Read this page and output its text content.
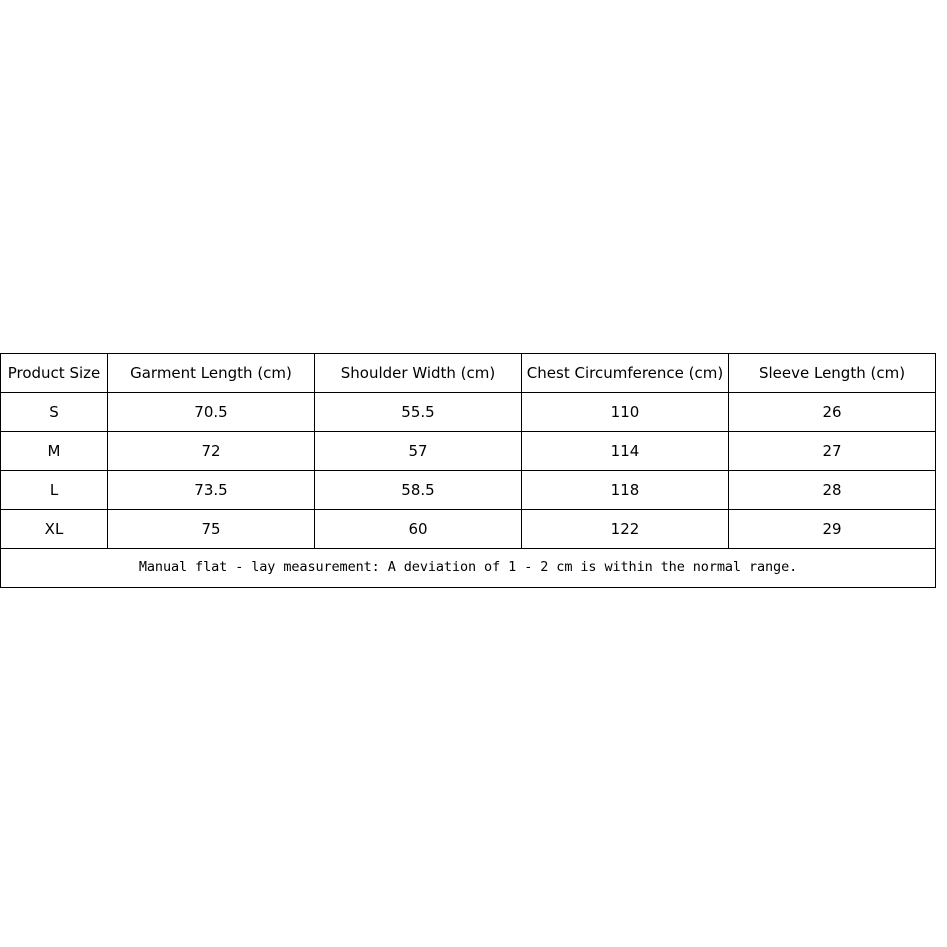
Product Size	Garment Length (cm)	Shoulder Width (cm)	Chest Circumference (cm)	Sleeve Length (cm)
S	70.5	55.5	110	26
M	72	57	114	27
L	73.5	58.5	118	28
XL	75	60	122	29
Manual flat - lay measurement: A deviation of 1 - 2 cm is within the normal range.				
